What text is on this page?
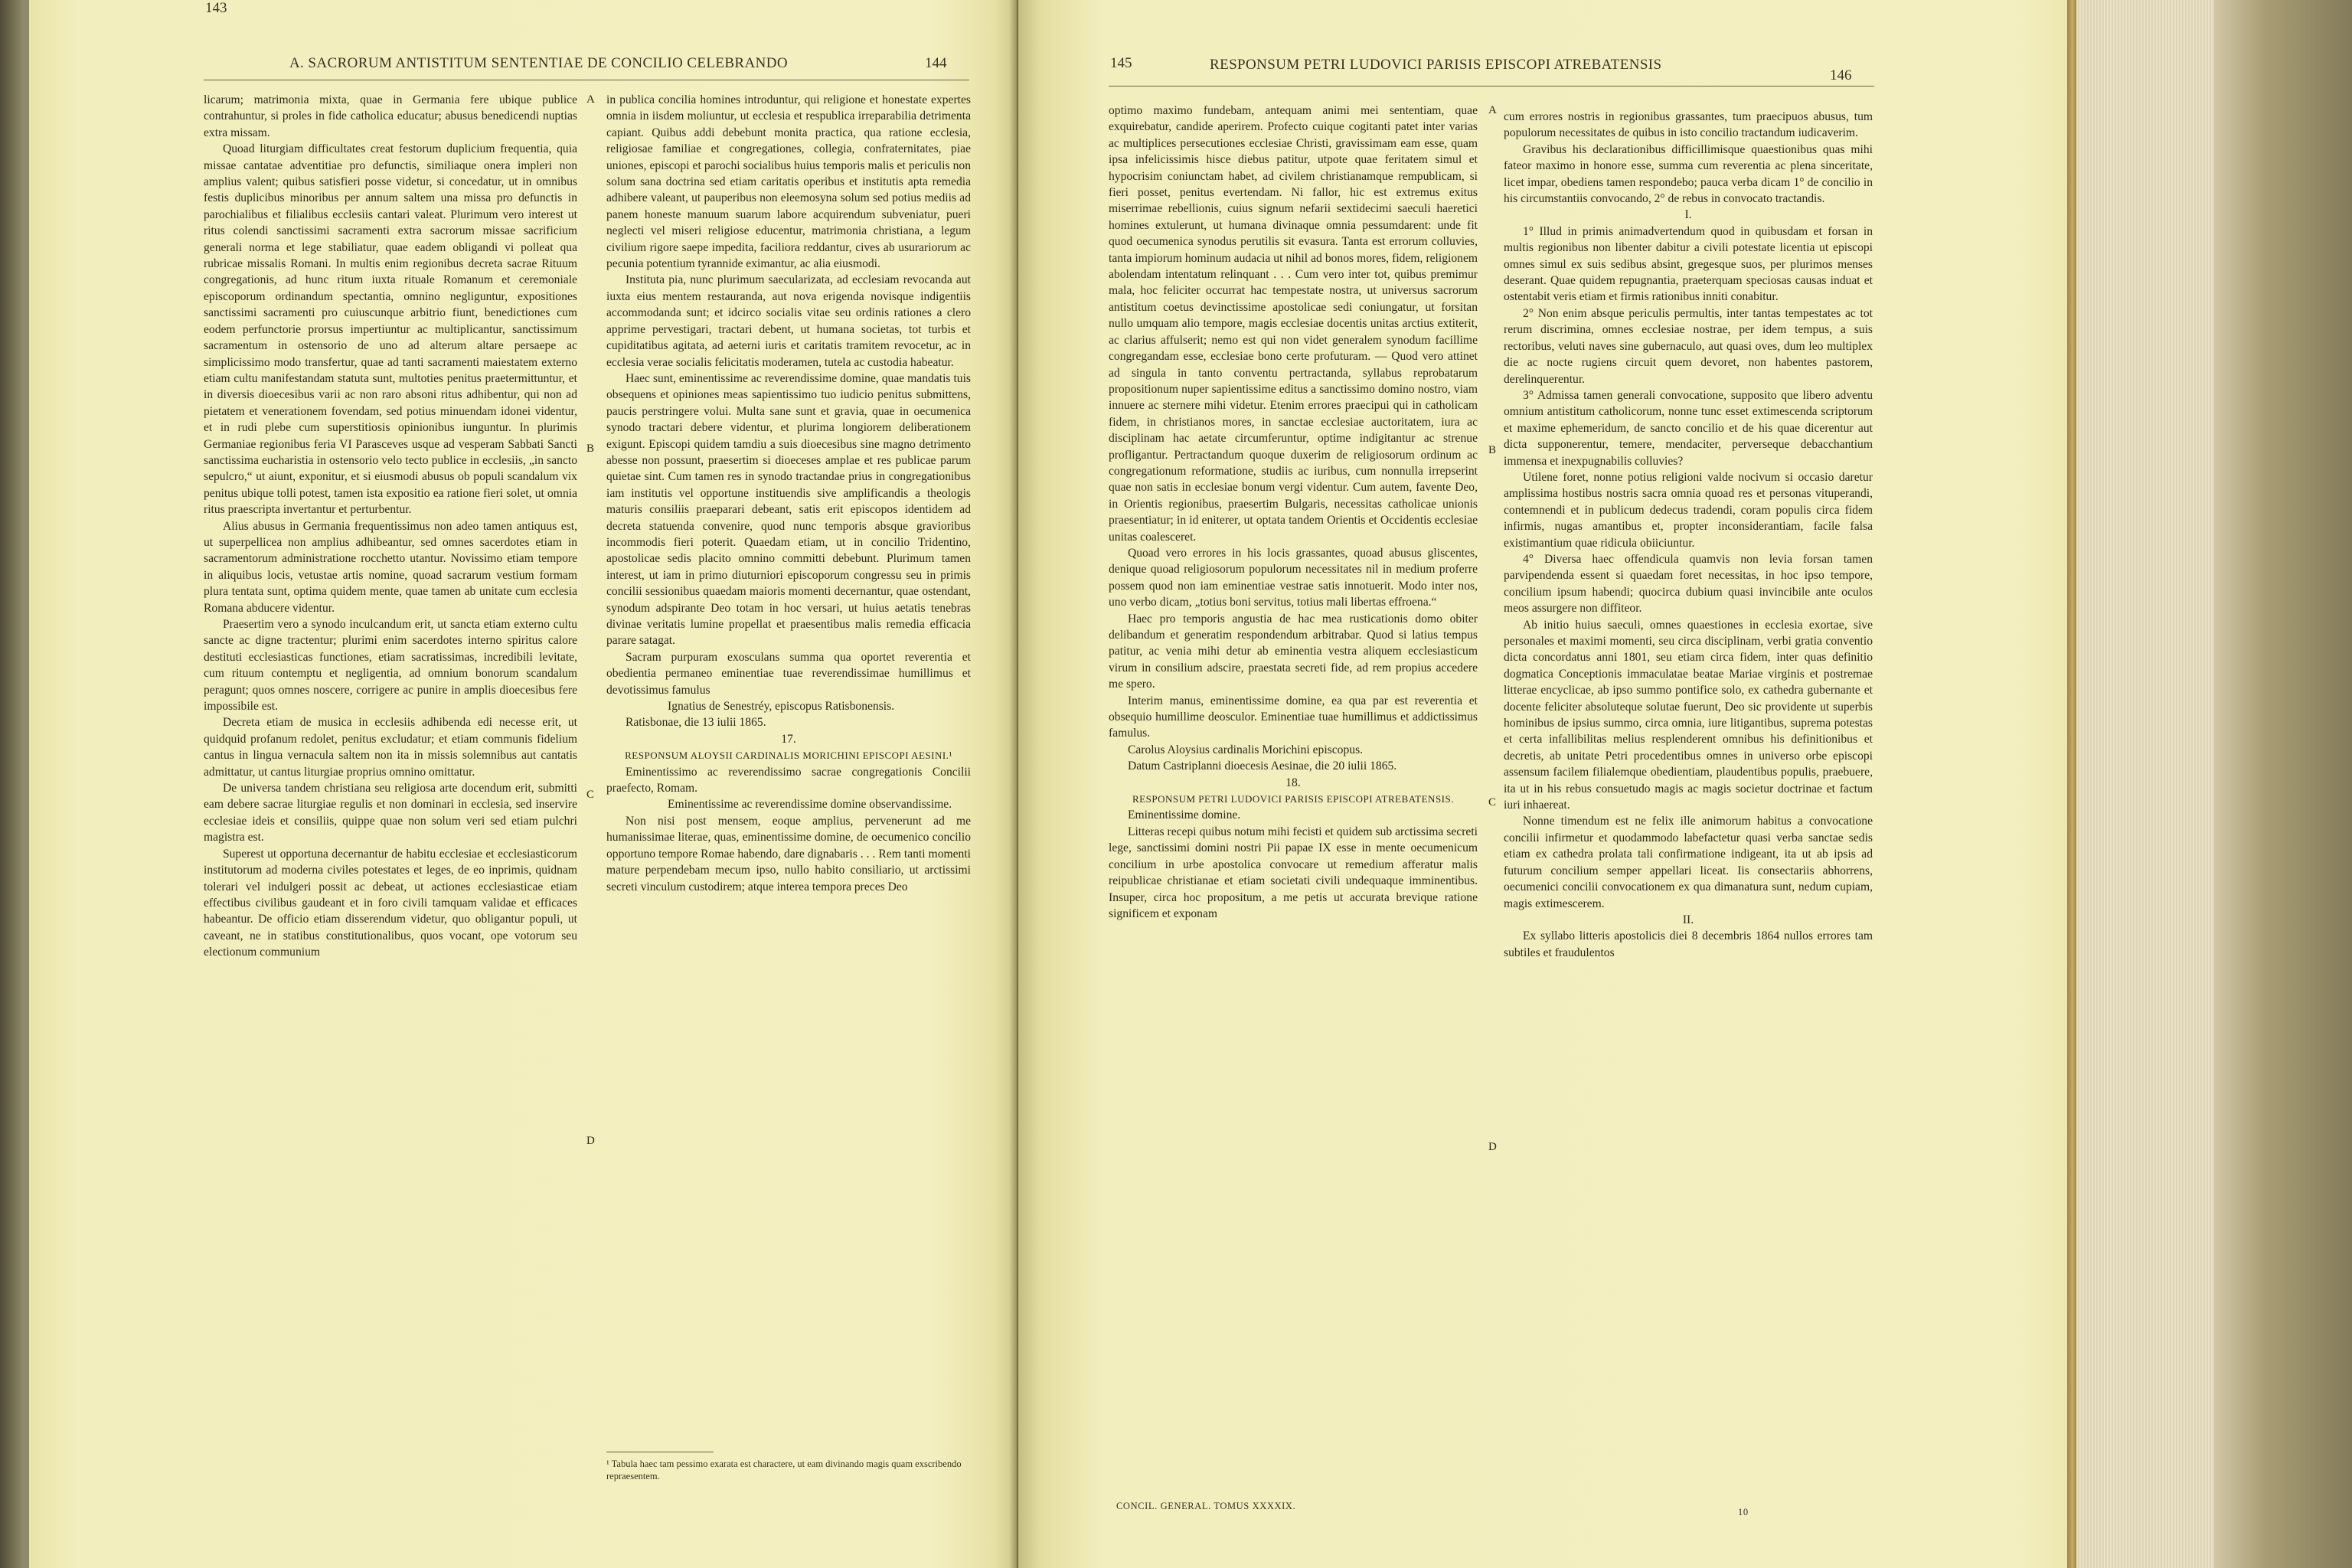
143
A. SACRORUM ANTISTITUM SENTENTIAE DE CONCILIO CELEBRANDO	144

licarum; matrimonia mixta, quae in Germania fere ubique publice contrahuntur, si proles in fide catholica educatur; abusus benedicendi nuptias extra missam.

Quoad liturgiam difficultates creat festorum duplicium frequentia, quia missae cantatae adventitiae pro defunctis, similiaque onera impleri non amplius valent; quibus satisfieri posse videtur, si concedatur, ut in omnibus festis duplicibus minoribus per annum saltem una missa pro defunctis in parochialibus et filialibus ecclesiis cantari valeat. Plurimum vero interest ut ritus colendi sanctissimi sacramenti extra sacrorum missae sacrificium generali norma et lege stabiliatur, quae eadem obligandi vi polleat qua rubricae missalis Romani. In multis enim regionibus decreta sacrae Rituum congregationis, ad hunc ritum iuxta rituale Romanum et ceremoniale episcoporum ordinandum spectantia, omnino negliguntur, expositiones sanctissimi sacramenti pro cuiuscunque arbitrio fiunt, benedictiones cum eodem perfunctorie prorsus impertiuntur ac multiplicantur, sanctissimum sacramentum in ostensorio de uno ad alterum altare persaepe ac simplicissimo modo transfertur, quae ad tanti sacramenti maiestatem externo etiam cultu manifestandam statuta sunt, multoties penitus praetermittuntur, et in diversis dioecesibus varii ac non raro absoni ritus adhibentur, qui non ad pietatem et venerationem fovendam, sed potius minuendam idonei videntur, et in rudi plebe cum superstitiosis opinionibus iunguntur. In plurimis Germaniae regionibus feria VI Parasceves usque ad vesperam Sabbati Sancti sanctissima eucharistia in ostensorio velo tecto publice in ecclesiis, „in sancto sepulcro,“ ut aiunt, exponitur, et si eiusmodi abusus ob populi scandalum vix penitus ubique tolli potest, tamen ista expositio ea ratione fieri solet, ut omnia ritus praescripta invertantur et perturbentur.

Alius abusus in Germania frequentissimus non adeo tamen antiquus est, ut superpellicea non amplius adhibeantur, sed omnes sacerdotes etiam in sacramentorum administratione rocchetto utantur. Novissimo etiam tempore in aliquibus locis, vetustae artis nomine, quoad sacrarum vestium formam plura tentata sunt, optima quidem mente, quae tamen ab unitate cum ecclesia Romana abducere videntur.

Praesertim vero a synodo inculcandum erit, ut sancta etiam externo cultu sancte ac digne tractentur; plurimi enim sacerdotes interno spiritus calore destituti ecclesiasticas functiones, etiam sacratissimas, incredibili levitate, cum rituum contemptu et negligentia, ad omnium bonorum scandalum peragunt; quos omnes noscere, corrigere ac punire in amplis dioecesibus fere impossibile est.

Decreta etiam de musica in ecclesiis adhibenda edi necesse erit, ut quidquid profanum redolet, penitus excludatur; et etiam communis fidelium cantus in lingua vernacula saltem non ita in missis solemnibus aut cantatis admittatur, ut cantus liturgiae proprius omnino omittatur.

De universa tandem christiana seu religiosa arte docendum erit, submitti eam debere sacrae liturgiae regulis et non dominari in ecclesia, sed inservire ecclesiae ideis et consiliis, quippe quae non solum veri sed etiam pulchri magistra est.

Superest ut opportuna decernantur de habitu ecclesiae et ecclesiasticorum institutorum ad moderna civiles potestates et leges, de eo inprimis, quidnam tolerari vel indulgeri possit ac debeat, ut actiones ecclesiasticae etiam effectibus civilibus gaudeant et in foro civili tamquam validae et efficaces habeantur. De officio etiam disserendum videtur, quo obligantur populi, ut caveant, ne in statibus constitutionalibus, quos vocant, ope votorum seu electionum communium

in publica concilia homines introduntur, qui religione et honestate expertes omnia in iisdem moliuntur, ut ecclesia et respublica irreparabilia detrimenta capiant. Quibus addi debebunt monita practica, qua ratione ecclesia, religiosae familiae et congregationes, collegia, confraternitates, piae uniones, episcopi et parochi socialibus huius temporis malis et periculis non solum sana doctrina sed etiam caritatis operibus et institutis apta remedia adhibere valeant, ut pauperibus non eleemosyna solum sed potius mediis ad panem honeste manuum suarum labore acquirendum subveniatur, pueri neglecti vel miseri religiose educentur, matrimonia christiana, a legum civilium rigore saepe impedita, faciliora reddantur, cives ab usurariorum ac pecunia potentium tyrannide eximantur, ac alia eiusmodi.

Instituta pia, nunc plurimum saecularizata, ad ecclesiam revocanda aut iuxta eius mentem restauranda, aut nova erigenda novisque indigentiis accommodanda sunt; et idcirco socialis vitae seu ordinis rationes a clero apprime pervestigari, tractari debent, ut humana societas, tot turbis et cupiditatibus agitata, ad aeterni iuris et caritatis tramitem revocetur, ac in ecclesia verae socialis felicitatis moderamen, tutela ac custodia habeatur.

Haec sunt, eminentissime ac reverendissime domine, quae mandatis tuis obsequens et opiniones meas sapientissimo tuo iudicio penitus submittens, paucis perstringere volui. Multa sane sunt et gravia, quae in oecumenica synodo tractari debere videntur, et plurima longiorem deliberationem exigunt. Episcopi quidem tamdiu a suis dioecesibus sine magno detrimento abesse non possunt, praesertim si dioeceses amplae et res publicae parum quietae sint. Cum tamen res in synodo tractandae prius in congregationibus iam institutis vel opportune instituendis sive amplificandis a theologis maturis consiliis praeparari debeant, satis erit episcopos identidem ad decreta statuenda convenire, quod nunc temporis absque gravioribus incommodis fieri poterit. Quaedam etiam, ut in concilio Tridentino, apostolicae sedis placito omnino committi debebunt. Plurimum tamen interest, ut iam in primo diuturniori episcoporum congressu seu in primis concilii sessionibus quaedam maioris momenti decernantur, quae ostendant, synodum adspirante Deo totam in hoc versari, ut huius aetatis tenebras divinae veritatis lumine propellat et praesentibus malis remedia efficacia parare satagat.

Sacram purpuram exosculans summa qua oportet reverentia et obedientia permaneo eminentiae tuae reverendissimae humillimus et devotissimus famulus

Ignatius de Senestréy, episcopus Ratisbonensis.

Ratisbonae, die 13 iulii 1865.

17.

RESPONSUM ALOYSII CARDINALIS MORICHINI EPISCOPI AESINI.¹

Eminentissimo ac reverendissimo sacrae congregationis Concilii praefecto, Romam.

Eminentissime ac reverendissime domine observandissime.

Non nisi post mensem, eoque amplius, pervenerunt ad me humanissimae literae, quas, eminentissime domine, de oecumenico concilio opportuno tempore Romae habendo, dare dignabaris . . . Rem tanti momenti mature perpendebam mecum ipso, nullo habito consiliario, ut arctissimi secreti vinculum custodirem; atque interea tempora preces Deo

A
B
C
D
¹ Tabula haec tam pessimo exarata est charactere, ut eam divinando magis quam exscribendo repraesentem.
145	RESPONSUM PETRI LUDOVICI PARISIS EPISCOPI ATREBATENSIS
146

optimo maximo fundebam, antequam animi mei sententiam, quae exquirebatur, candide aperirem. Profecto cuique cogitanti patet inter varias ac multiplices persecutiones ecclesiae Christi, gravissimam eam esse, quam ipsa infelicissimis hisce diebus patitur, utpote quae feritatem simul et hypocrisim coniunctam habet, ad civilem christianamque rempublicam, si fieri posset, penitus evertendam. Ni fallor, hic est extremus exitus miserrimae rebellionis, cuius signum nefarii sextidecimi saeculi haeretici homines extulerunt, ut humana divinaque omnia pessumdarent: unde fit quod oecumenica synodus perutilis sit evasura. Tanta est errorum colluvies, tanta impiorum hominum audacia ut nihil ad bonos mores, fidem, religionem abolendam intentatum relinquant . . . Cum vero inter tot, quibus premimur mala, hoc feliciter occurrat hac tempestate nostra, ut universus sacrorum antistitum coetus devinctissime apostolicae sedi coniungatur, ut forsitan nullo umquam alio tempore, magis ecclesiae docentis unitas arctius extiterit, ac clarius affulserit; nemo est qui non videt generalem synodum facillime congregandam esse, ecclesiae bono certe profuturam. — Quod vero attinet ad singula in tanto conventu pertractanda, syllabus reprobatarum propositionum nuper sapientissime editus a sanctissimo domino nostro, viam innuere ac sternere mihi videtur. Etenim errores praecipui qui in catholicam fidem, in christianos mores, in sanctae ecclesiae auctoritatem, iura ac disciplinam hac aetate circumferuntur, optime indigitantur ac strenue profligantur. Pertractandum quoque duxerim de religiosorum ordinum ac congregationum reformatione, studiis ac iuribus, cum nonnulla irrepserint quae non satis in ecclesiae bonum vergi videntur. Cum autem, favente Deo, in Orientis regionibus, praesertim Bulgaris, necessitas catholicae unionis praesentiatur; in id eniterer, ut optata tandem Orientis et Occidentis ecclesiae unitas coalesceret.

Quoad vero errores in his locis grassantes, quoad abusus gliscentes, denique quoad religiosorum populorum necessitates nil in medium proferre possem quod non iam eminentiae vestrae satis innotuerit. Modo inter nos, uno verbo dicam, „totius boni servitus, totius mali libertas effroena.“

Haec pro temporis angustia de hac mea rusticationis domo obiter delibandum et generatim respondendum arbitrabar. Quod si latius tempus patitur, ac venia mihi detur ab eminentia vestra aliquem ecclesiasticum virum in consilium adscire, praestata secreti fide, ad rem propius accedere me spero.

Interim manus, eminentissime domine, ea qua par est reverentia et obsequio humillime deosculor. Eminentiae tuae humillimus et addictissimus famulus.

Carolus Aloysius cardinalis Morichini episcopus.

Datum Castriplanni dioecesis Aesinae, die 20 iulii 1865.

18.

RESPONSUM PETRI LUDOVICI PARISIS EPISCOPI ATREBATENSIS.

Eminentissime domine.

Litteras recepi quibus notum mihi fecisti et quidem sub arctissima secreti lege, sanctissimi domini nostri Pii papae IX esse in mente oecumenicum concilium in urbe apostolica convocare ut remedium afferatur malis reipublicae christianae et etiam societati civili undequaque imminentibus. Insuper, circa hoc propositum, a me petis ut accurata brevique ratione significem et exponam

cum errores nostris in regionibus grassantes, tum praecipuos abusus, tum populorum necessitates de quibus in isto concilio tractandum iudicaverim.

Gravibus his declarationibus difficillimisque quaestionibus quas mihi fateor maximo in honore esse, summa cum reverentia ac plena sinceritate, licet impar, obediens tamen respondebo; pauca verba dicam 1° de concilio in his circumstantiis convocando, 2° de rebus in convocato tractandis.

I.

1° Illud in primis animadvertendum quod in quibusdam et forsan in multis regionibus non libenter dabitur a civili potestate licentia ut episcopi omnes simul ex suis sedibus absint, gregesque suos, per plurimos menses deserant. Quae quidem repugnantia, praeterquam speciosas causas induat et ostentabit veris etiam et firmis rationibus inniti conabitur.

2° Non enim absque periculis permultis, inter tantas tempestates ac tot rerum discrimina, omnes ecclesiae nostrae, per idem tempus, a suis rectoribus, veluti naves sine gubernaculo, aut quasi oves, dum leo multiplex die ac nocte rugiens circuit quem devoret, non habentes pastorem, derelinquerentur.

3° Admissa tamen generali convocatione, supposito que libero adventu omnium antistitum catholicorum, nonne tunc esset extimescenda scriptorum et maxime ephemeridum, de sancto concilio et de his quae dicerentur aut dicta supponerentur, temere, mendaciter, perverseque debacchantium immensa et inexpugnabilis colluvies?

Utilene foret, nonne potius religioni valde nocivum si occasio daretur amplissima hostibus nostris sacra omnia quoad res et personas vituperandi, contemnendi et in publicum dedecus tradendi, coram populis circa fidem infirmis, nugas amantibus et, propter inconsiderantiam, facile falsa existimantium quae ridicula obiiciuntur.

4° Diversa haec offendicula quamvis non levia forsan tamen parvipendenda essent si quaedam foret necessitas, in hoc ipso tempore, concilium ipsum habendi; quocirca dubium quasi invincibile ante oculos meos assurgere non diffiteor.

Ab initio huius saeculi, omnes quaestiones in ecclesia exortae, sive personales et maximi momenti, seu circa disciplinam, verbi gratia conventio dicta concordatus anni 1801, seu etiam circa fidem, inter quas definitio dogmatica Conceptionis immaculatae beatae Mariae virginis et postremae litterae encyclicae, ab ipso summo pontifice solo, ex cathedra gubernante et docente feliciter absoluteque solutae fuerunt, Deo sic providente ut superbis hominibus de ipsius summo, circa omnia, iure litigantibus, suprema potestas et certa infallibilitas melius resplenderent omnibus his definitionibus et decretis, ab unitate Petri procedentibus omnes in universo orbe episcopi assensum facilem filialemque obedientiam, plaudentibus populis, praebuere, ita ut in his rebus consuetudo magis ac magis societur doctrinae et factum iuri inhaereat.

Nonne timendum est ne felix ille animorum habitus a convocatione concilii infirmetur et quodammodo labefactetur quasi verba sanctae sedis etiam ex cathedra prolata tali confirmatione indigeant, ita ut ab ipsis ad futurum concilium semper appellari liceat. Iis consectariis abhorrens, oecumenici concilii convocationem ex qua dimanatura sunt, nedum cupiam, magis extimescerem.

II.

Ex syllabo litteris apostolicis diei 8 decembris 1864 nullos errores tam subtiles et fraudulentos

A
B
C
D
CONCIL. GENERAL. TOMUS XXXXIX.
10
